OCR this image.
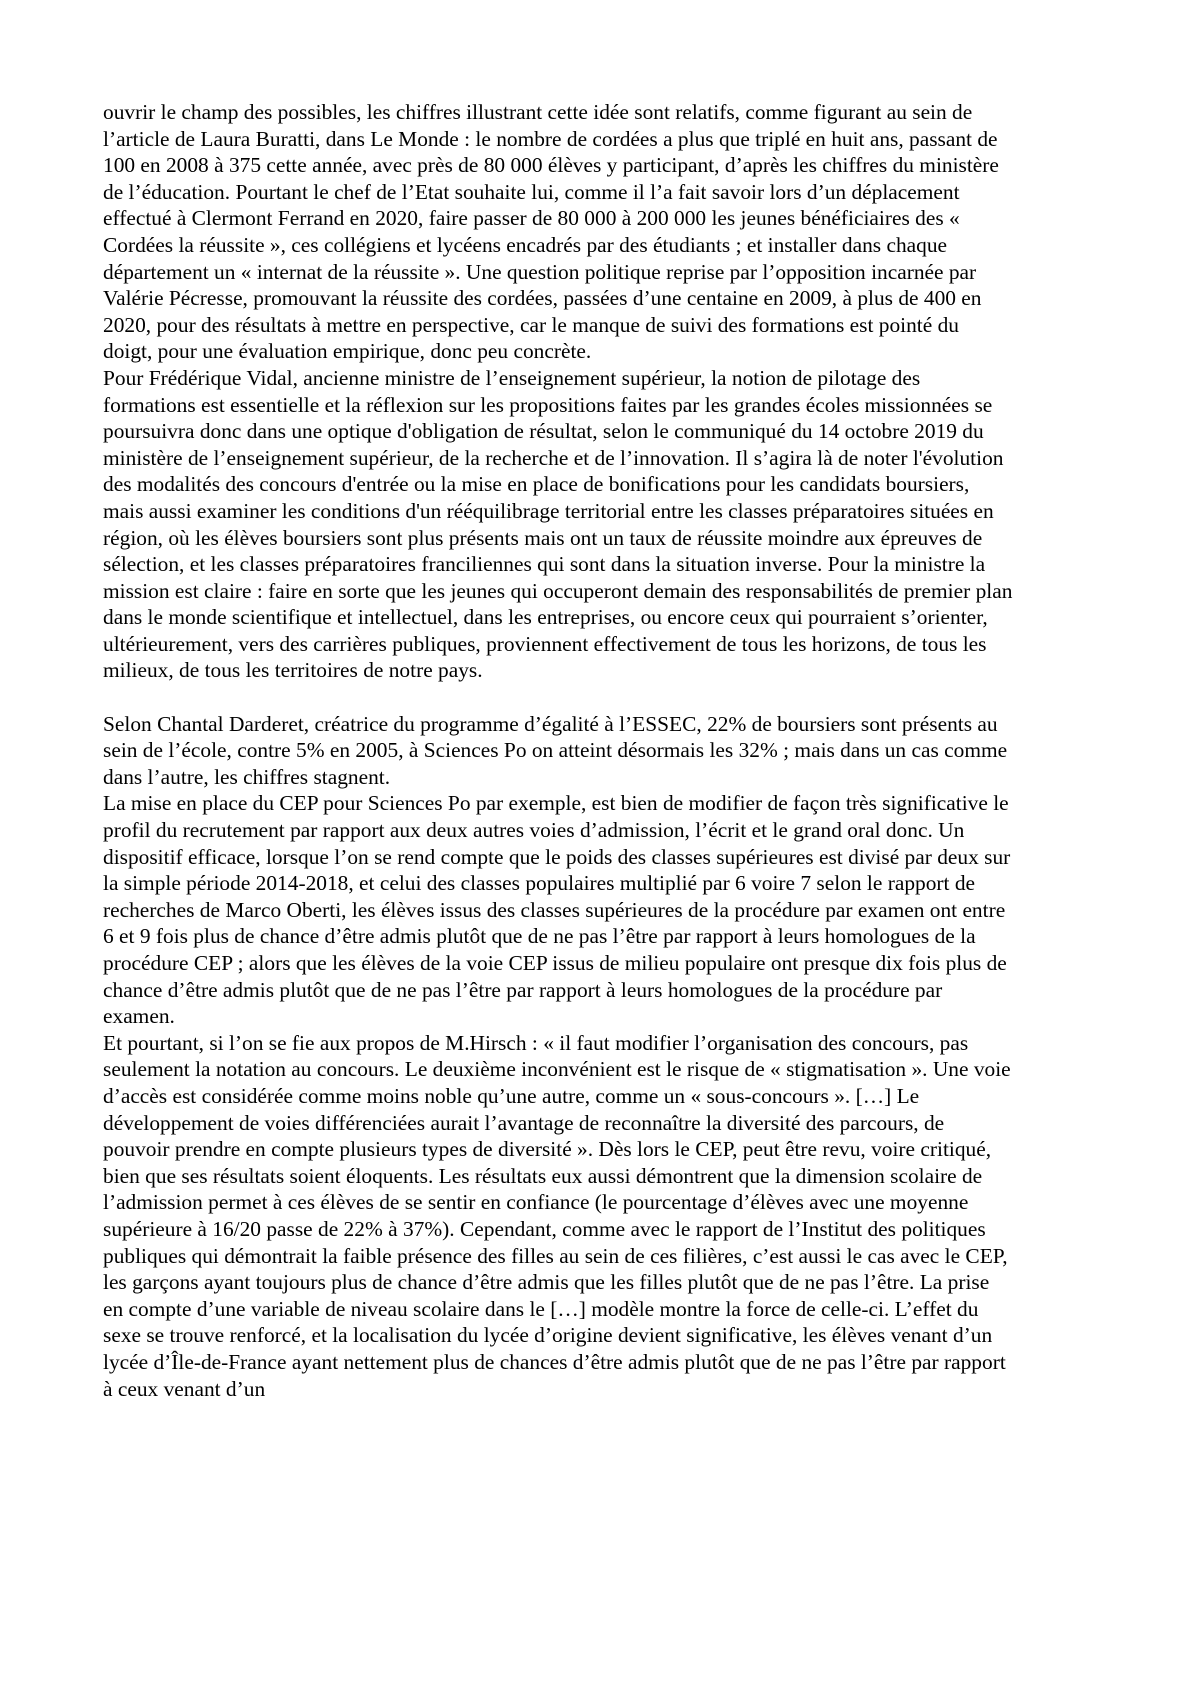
ouvrir le champ des possibles, les chiffres illustrant cette idée sont relatifs, comme figurant au sein de l’article de Laura Buratti, dans Le Monde : le nombre de cordées a plus que triplé en huit ans, passant de 100 en 2008 à 375 cette année, avec près de 80 000 élèves y participant, d’après les chiffres du ministère de l’éducation. Pourtant le chef de l’Etat souhaite lui, comme il l’a fait savoir lors d’un déplacement effectué à Clermont Ferrand en 2020, faire passer de 80 000 à 200 000 les jeunes bénéficiaires des « Cordées la réussite », ces collégiens et lycéens encadrés par des étudiants ; et installer dans chaque département un « internat de la réussite ». Une question politique reprise par l’opposition incarnée par Valérie Pécresse, promouvant la réussite des cordées, passées d’une centaine en 2009, à plus de 400 en 2020, pour des résultats à mettre en perspective, car le manque de suivi des formations est pointé du doigt, pour une évaluation empirique, donc peu concrète.

Pour Frédérique Vidal, ancienne ministre de l’enseignement supérieur, la notion de pilotage des formations est essentielle et la réflexion sur les propositions faites par les grandes écoles missionnées se poursuivra donc dans une optique d'obligation de résultat, selon le communiqué du 14 octobre 2019 du ministère de l’enseignement supérieur, de la recherche et de l’innovation. Il s’agira là de noter l'évolution des modalités des concours d'entrée ou la mise en place de bonifications pour les candidats boursiers, mais aussi examiner les conditions d'un rééquilibrage territorial entre les classes préparatoires situées en région, où les élèves boursiers sont plus présents mais ont un taux de réussite moindre aux épreuves de sélection, et les classes préparatoires franciliennes qui sont dans la situation inverse. Pour la ministre la mission est claire : faire en sorte que les jeunes qui occuperont demain des responsabilités de premier plan dans le monde scientifique et intellectuel, dans les entreprises, ou encore ceux qui pourraient s’orienter, ultérieurement, vers des carrières publiques, proviennent effectivement de tous les horizons, de tous les milieux, de tous les territoires de notre pays.

Selon Chantal Darderet, créatrice du programme d’égalité à l’ESSEC, 22% de boursiers sont présents au sein de l’école, contre 5% en 2005, à Sciences Po on atteint désormais les 32% ; mais dans un cas comme dans l’autre, les chiffres stagnent.

La mise en place du CEP pour Sciences Po par exemple, est bien de modifier de façon très significative le profil du recrutement par rapport aux deux autres voies d’admission, l’écrit et le grand oral donc. Un dispositif efficace, lorsque l’on se rend compte que le poids des classes supérieures est divisé par deux sur la simple période 2014-2018, et celui des classes populaires multiplié par 6 voire 7 selon le rapport de recherches de Marco Oberti, les élèves issus des classes supérieures de la procédure par examen ont entre 6 et 9 fois plus de chance d’être admis plutôt que de ne pas l’être par rapport à leurs homologues de la procédure CEP ; alors que les élèves de la voie CEP issus de milieu populaire ont presque dix fois plus de chance d’être admis plutôt que de ne pas l’être par rapport à leurs homologues de la procédure par examen.

Et pourtant, si l’on se fie aux propos de M.Hirsch : « il faut modifier l’organisation des concours, pas seulement la notation au concours. Le deuxième inconvénient est le risque de « stigmatisation ». Une voie d’accès est considérée comme moins noble qu’une autre, comme un « sous-concours ». […] Le développement de voies différenciées aurait l’avantage de reconnaître la diversité des parcours, de pouvoir prendre en compte plusieurs types de diversité ». Dès lors le CEP, peut être revu, voire critiqué, bien que ses résultats soient éloquents. Les résultats eux aussi démontrent que la dimension scolaire de l’admission permet à ces élèves de se sentir en confiance (le pourcentage d’élèves avec une moyenne supérieure à 16/20 passe de 22% à 37%). Cependant, comme avec le rapport de l’Institut des politiques publiques qui démontrait la faible présence des filles au sein de ces filières, c’est aussi le cas avec le CEP, les garçons ayant toujours plus de chance d’être admis que les filles plutôt que de ne pas l’être. La prise en compte d’une variable de niveau scolaire dans le […] modèle montre la force de celle-ci. L’effet du sexe se trouve renforcé, et la localisation du lycée d’origine devient significative, les élèves venant d’un lycée d’Île-de-France ayant nettement plus de chances d’être admis plutôt que de ne pas l’être par rapport à ceux venant d’un
